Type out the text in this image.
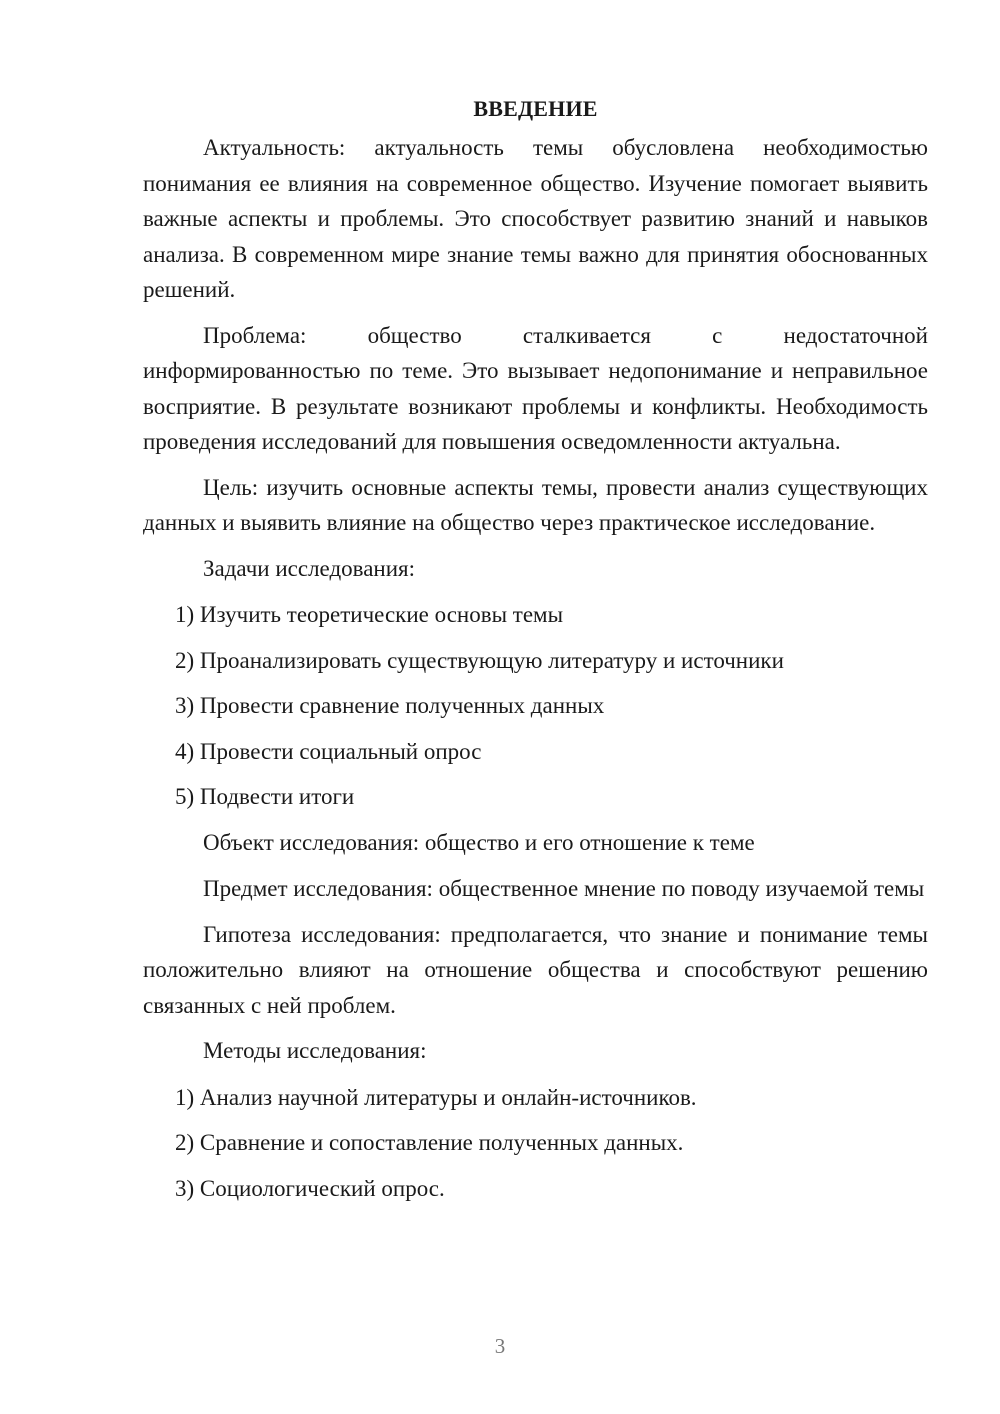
ВВЕДЕНИЕ

Актуальность: актуальность темы обусловлена необходимостью понимания ее влияния на современное общество. Изучение помогает выявить важные аспекты и проблемы. Это способствует развитию знаний и навыков анализа. В современном мире знание темы важно для принятия обоснованных решений.

Проблема: общество сталкивается с недостаточной информированностью по теме. Это вызывает недопонимание и неправильное восприятие. В результате возникают проблемы и конфликты. Необходимость проведения исследований для повышения осведомленности актуальна.

Цель: изучить основные аспекты темы, провести анализ существующих данных и выявить влияние на общество через практическое исследование.

Задачи исследования:

1) Изучить теоретические основы темы
2) Проанализировать существующую литературу и источники
3) Провести сравнение полученных данных
4) Провести социальный опрос
5) Подвести итоги

Объект исследования: общество и его отношение к теме

Предмет исследования: общественное мнение по поводу изучаемой темы

Гипотеза исследования: предполагается, что знание и понимание темы положительно влияют на отношение общества и способствуют решению связанных с ней проблем.

Методы исследования:

1) Анализ научной литературы и онлайн-источников.
2) Сравнение и сопоставление полученных данных.
3) Социологический опрос.
3
